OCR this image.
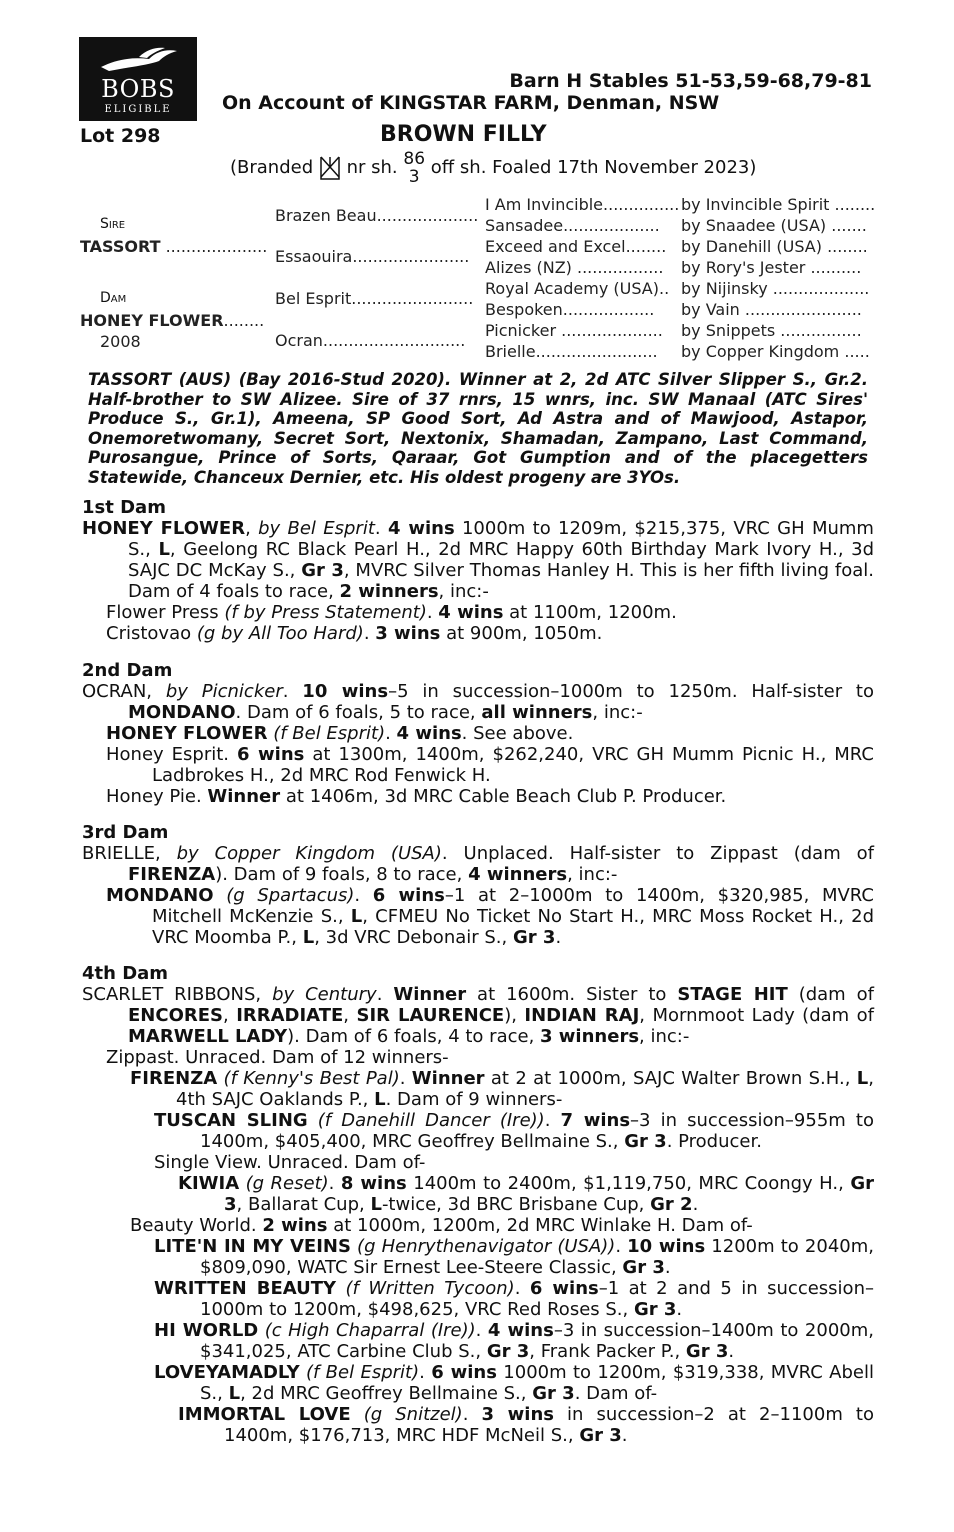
BOBS
ELIGIBLE
Barn H Stables 51-53,59-68,79-81
On Account of KINGSTAR FARM, Denman, NSW
Lot 298	BROWN FILLY
(Branded nr sh. 86
3 off sh. Foaled 17th November 2023)
Sire
TASSORT ....................
Dam
HONEY FLOWER........
2008
Brazen Beau....................
Essaouira.......................
Bel Esprit........................
Ocran............................
I Am Invincible............... by Invincible Spirit ........
Sansadee................... by Snaadee (USA) .......
Exceed and Excel........ by Danehill (USA) ........
Alizes (NZ) ................. by Rory's Jester ..........
Royal Academy (USA).. by Nijinsky ...................
Bespoken.................. by Vain .......................
Picnicker .................... by Snippets ................
Brielle........................ by Copper Kingdom .....
TASSORT (AUS) (Bay 2016-Stud 2020). Winner at 2, 2d ATC Silver Slipper S., Gr.2. Half-brother to SW Alizee. Sire of 37 rnrs, 15 wnrs, inc. SW Manaal (ATC Sires' Produce S., Gr.1), Ameena, SP Good Sort, Ad Astra and of Mawjood, Astapor, Onemoretwomany, Secret Sort, Nextonix, Shamadan, Zampano, Last Command, Purosangue, Prince of Sorts, Qaraar, Got Gumption and of the placegetters Statewide, Chanceux Dernier, etc. His oldest progeny are 3YOs.
1st Dam

HONEY FLOWER, by Bel Esprit. 4 wins 1000m to 1209m, $215,375, VRC GH Mumm S., L, Geelong RC Black Pearl H., 2d MRC Happy 60th Birthday Mark Ivory H., 3d SAJC DC McKay S., Gr 3, MVRC Silver Thomas Hanley H. This is her fifth living foal. Dam of 4 foals to race, 2 winners, inc:-

Flower Press (f by Press Statement). 4 wins at 1100m, 1200m.

Cristovao (g by All Too Hard). 3 wins at 900m, 1050m.

2nd Dam

OCRAN, by Picnicker. 10 wins–5 in succession–1000m to 1250m. Half-sister to MONDANO. Dam of 6 foals, 5 to race, all winners, inc:-

HONEY FLOWER (f Bel Esprit). 4 wins. See above.

Honey Esprit. 6 wins at 1300m, 1400m, $262,240, VRC GH Mumm Picnic H., MRC Ladbrokes H., 2d MRC Rod Fenwick H.

Honey Pie. Winner at 1406m, 3d MRC Cable Beach Club P. Producer.

3rd Dam

BRIELLE, by Copper Kingdom (USA). Unplaced. Half-sister to Zippast (dam of FIRENZA). Dam of 9 foals, 8 to race, 4 winners, inc:-

MONDANO (g Spartacus). 6 wins–1 at 2–1000m to 1400m, $320,985, MVRC Mitchell McKenzie S., L, CFMEU No Ticket No Start H., MRC Moss Rocket H., 2d VRC Moomba P., L, 3d VRC Debonair S., Gr 3.

4th Dam

SCARLET RIBBONS, by Century. Winner at 1600m. Sister to STAGE HIT (dam of ENCORES, IRRADIATE, SIR LAURENCE), INDIAN RAJ, Mornmoot Lady (dam of MARWELL LADY). Dam of 6 foals, 4 to race, 3 winners, inc:-

Zippast. Unraced. Dam of 12 winners-

FIRENZA (f Kenny's Best Pal). Winner at 2 at 1000m, SAJC Walter Brown S.H., L, 4th SAJC Oaklands P., L. Dam of 9 winners-

TUSCAN SLING (f Danehill Dancer (Ire)). 7 wins–3 in succession–955m to 1400m, $405,400, MRC Geoffrey Bellmaine S., Gr 3. Producer.

Single View. Unraced. Dam of-

KIWIA (g Reset). 8 wins 1400m to 2400m, $1,119,750, MRC Coongy H., Gr 3, Ballarat Cup, L-twice, 3d BRC Brisbane Cup, Gr 2.

Beauty World. 2 wins at 1000m, 1200m, 2d MRC Winlake H. Dam of-

LITE'N IN MY VEINS (g Henrythenavigator (USA)). 10 wins 1200m to 2040m, $809,090, WATC Sir Ernest Lee-Steere Classic, Gr 3.

WRITTEN BEAUTY (f Written Tycoon). 6 wins–1 at 2 and 5 in succession–1000m to 1200m, $498,625, VRC Red Roses S., Gr 3.

HI WORLD (c High Chaparral (Ire)). 4 wins–3 in succession–1400m to 2000m, $341,025, ATC Carbine Club S., Gr 3, Frank Packer P., Gr 3.

LOVEYAMADLY (f Bel Esprit). 6 wins 1000m to 1200m, $319,338, MVRC Abell S., L, 2d MRC Geoffrey Bellmaine S., Gr 3. Dam of-

IMMORTAL LOVE (g Snitzel). 3 wins in succession–2 at 2–1100m to 1400m, $176,713, MRC HDF McNeil S., Gr 3.
